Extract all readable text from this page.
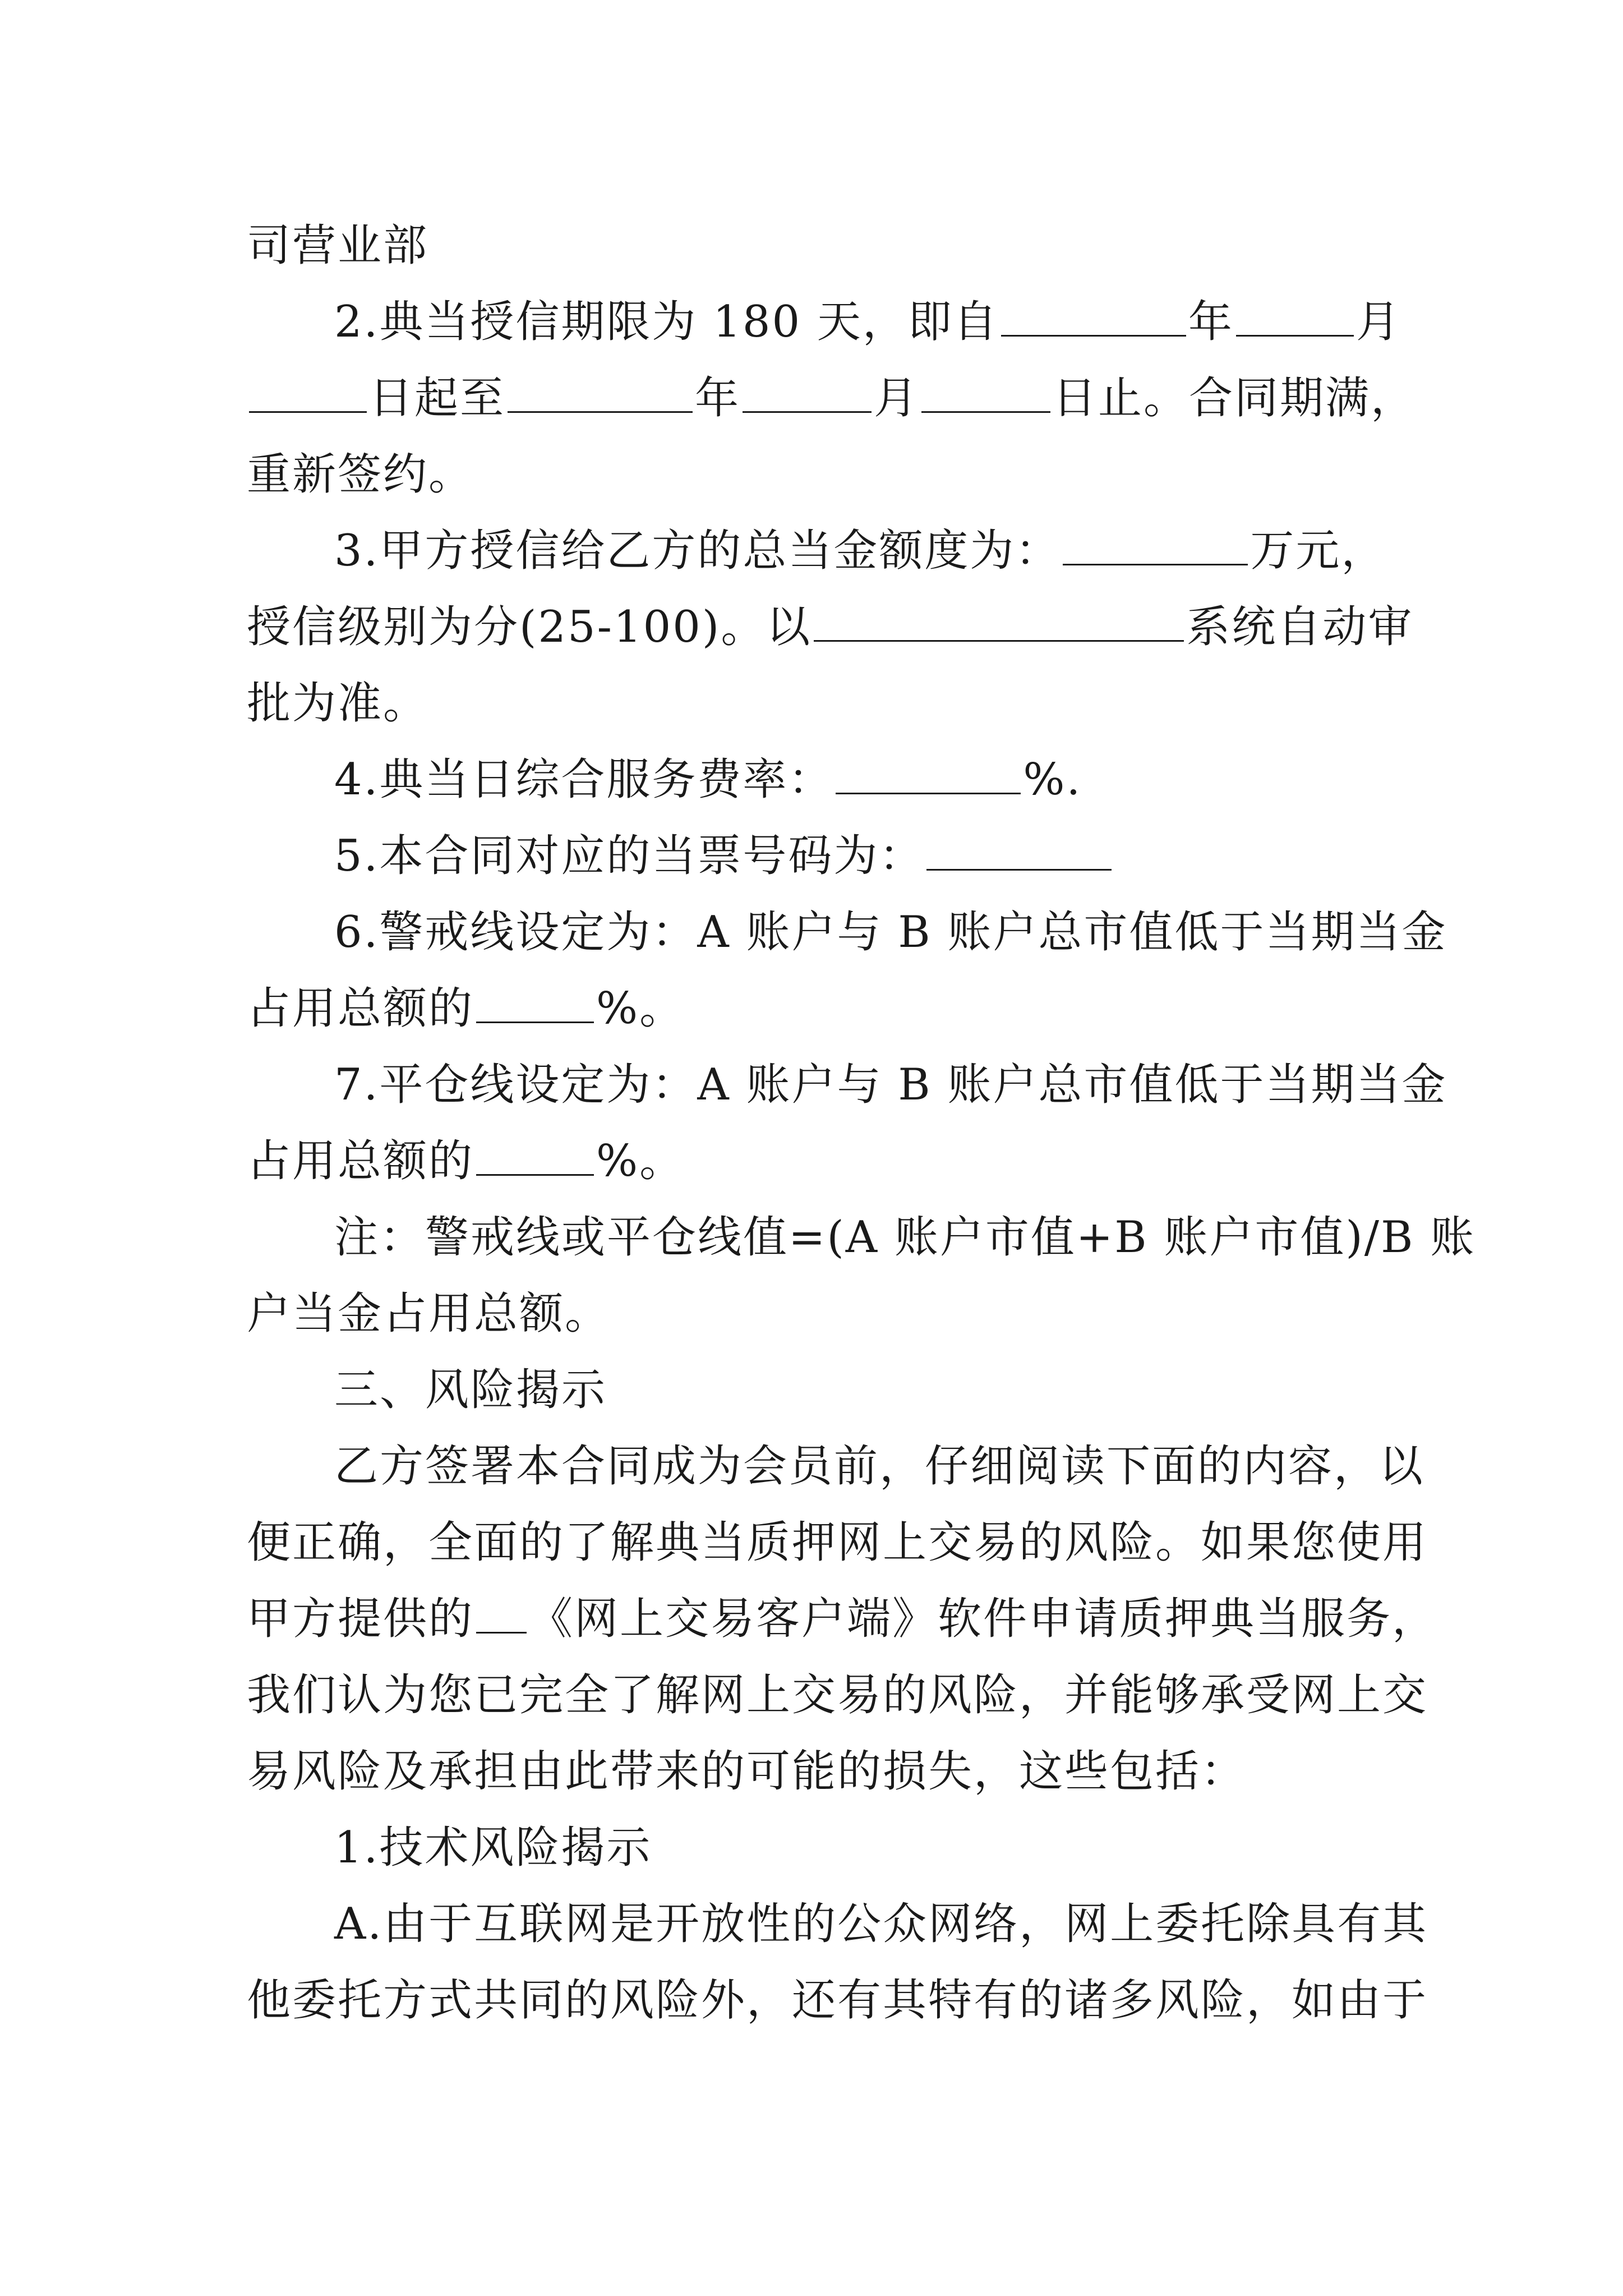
司营业部
2.典当授信期限为 180 天，即自	年	月
日起至	年	月	日止。合同期满，
重新签约。
3.甲方授信给乙方的总当金额度为：	万元，
授信级别为分(25-100)。以	系统自动审
批为准。
4.典当日综合服务费率：	%.
5.本合同对应的当票号码为：
6.警戒线设定为：A 账户与 B 账户总市值低于当期当金
占用总额的	%。
7.平仓线设定为：A 账户与 B 账户总市值低于当期当金
占用总额的	%。
注：警戒线或平仓线值=(A 账户市值+B 账户市值)/B 账
户当金占用总额。
三、风险揭示
乙方签署本合同成为会员前，仔细阅读下面的内容，以
便正确，全面的了解典当质押网上交易的风险。如果您使用
甲方提供的 《网上交易客户端》软件申请质押典当服务，
我们认为您已完全了解网上交易的风险，并能够承受网上交
易风险及承担由此带来的可能的损失，这些包括：
1.技术风险揭示
A.由于互联网是开放性的公众网络，网上委托除具有其
他委托方式共同的风险外，还有其特有的诸多风险，如由于
